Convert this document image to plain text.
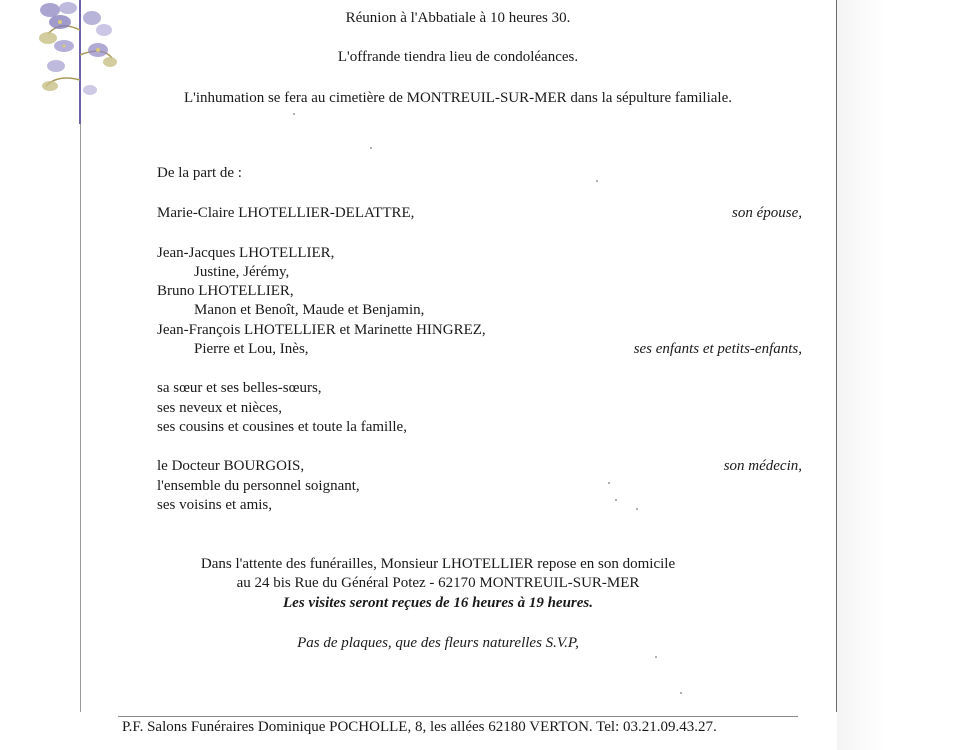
Réunion à l'Abbatiale à 10 heures 30.
L'offrande tiendra lieu de condoléances.
L'inhumation se fera au cimetière de MONTREUIL-SUR-MER dans la sépulture familiale.
De la part de :
Marie-Claire LHOTELLIER-DELATTRE,	son épouse,
Jean-Jacques LHOTELLIER,
Justine, Jérémy,
Bruno LHOTELLIER,
Manon et Benoît, Maude et Benjamin,
Jean-François LHOTELLIER et Marinette HINGREZ,
Pierre et Lou, Inès,	ses enfants et petits-enfants,
sa sœur et ses belles-sœurs,
ses neveux et nièces,
ses cousins et cousines et toute la famille,
le Docteur BOURGOIS,	son médecin,
l'ensemble du personnel soignant,
ses voisins et amis,
Dans l'attente des funérailles, Monsieur LHOTELLIER repose en son domicile
au 24 bis Rue du Général Potez - 62170 MONTREUIL-SUR-MER
Les visites seront reçues de 16 heures à 19 heures.
Pas de plaques, que des fleurs naturelles S.V.P,
P.F. Salons Funéraires Dominique POCHOLLE, 8, les allées 62180 VERTON. Tel: 03.21.09.43.27.
